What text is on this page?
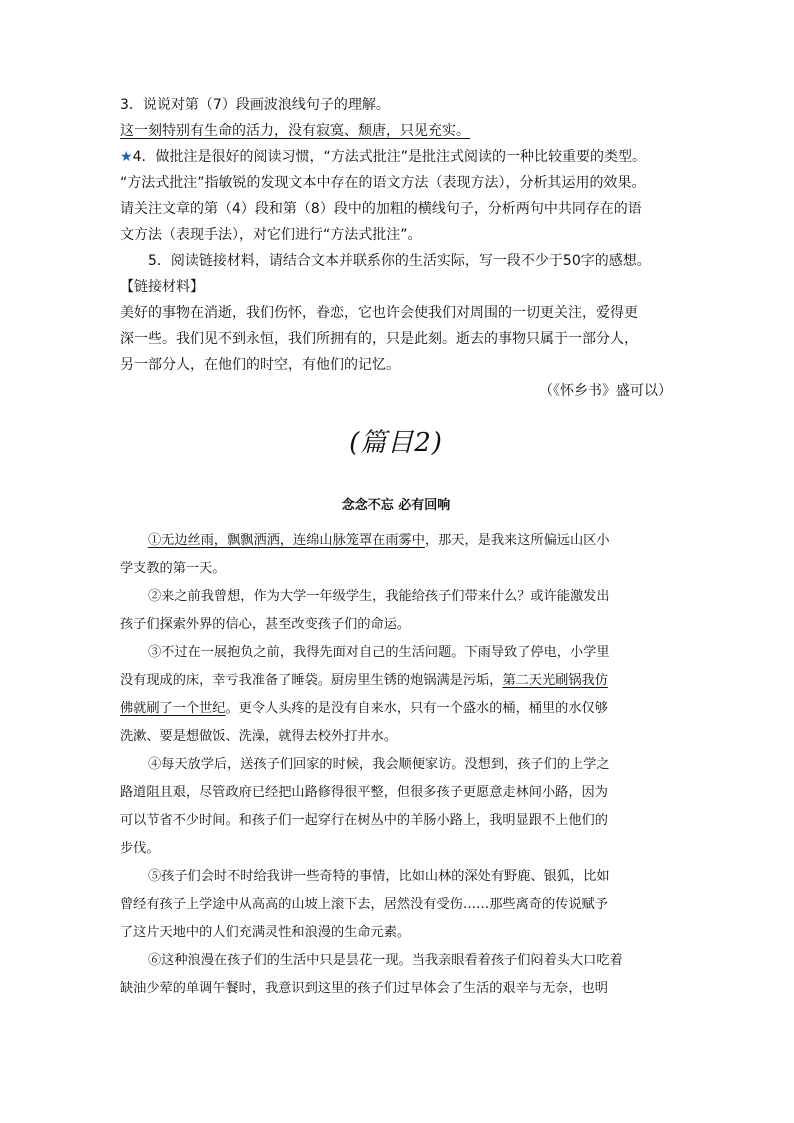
3．说说对第（7）段画波浪线句子的理解。

这一刻特别有生命的活力，没有寂寞、颓唐，只见充实。

★4．做批注是很好的阅读习惯，“方法式批注”是批注式阅读的一种比较重要的类型。

“方法式批注”指敏锐的发现文本中存在的语文方法（表现方法），分析其运用的效果。

请关注文章的第（4）段和第（8）段中的加粗的横线句子，分析两句中共同存在的语

文方法（表现手法），对它们进行“方法式批注”。

5．阅读链接材料，请结合文本并联系你的生活实际，写一段不少于50字的感想。

【链接材料】

美好的事物在消逝，我们伤怀，眷恋，它也许会使我们对周围的一切更关注，爱得更

深一些。我们见不到永恒，我们所拥有的，只是此刻。逝去的事物只属于一部分人，

另一部分人，在他们的时空，有他们的记忆。

（《怀乡书》盛可以）

(篇目2)

念念不忘 必有回响

①无边丝雨，飘飘洒洒，连绵山脉笼罩在雨雾中，那天，是我来这所偏远山区小

学支教的第一天。

②来之前我曾想，作为大学一年级学生，我能给孩子们带来什么？或许能激发出

孩子们探索外界的信心，甚至改变孩子们的命运。

③不过在一展抱负之前，我得先面对自己的生活问题。下雨导致了停电，小学里

没有现成的床，幸亏我准备了睡袋。厨房里生锈的炮锅满是污垢，第二天光刷锅我仿

佛就刷了一个世纪。更令人头疼的是没有自来水，只有一个盛水的桶，桶里的水仅够

洗漱、要是想做饭、洗澡，就得去校外打井水。

④每天放学后，送孩子们回家的时候，我会顺便家访。没想到，孩子们的上学之

路道阻且艰，尽管政府已经把山路修得很平整，但很多孩子更愿意走林间小路，因为

可以节省不少时间。和孩子们一起穿行在树丛中的羊肠小路上，我明显跟不上他们的

步伐。

⑤孩子们会时不时给我讲一些奇特的事情，比如山林的深处有野鹿、银狐，比如

曾经有孩子上学途中从高高的山坡上滚下去，居然没有受伤……那些离奇的传说赋予

了这片天地中的人们充满灵性和浪漫的生命元素。

⑥这种浪漫在孩子们的生活中只是昙花一现。当我亲眼看着孩子们闷着头大口吃着

缺油少荤的单调午餐时，我意识到这里的孩子们过早体会了生活的艰辛与无奈，也明
